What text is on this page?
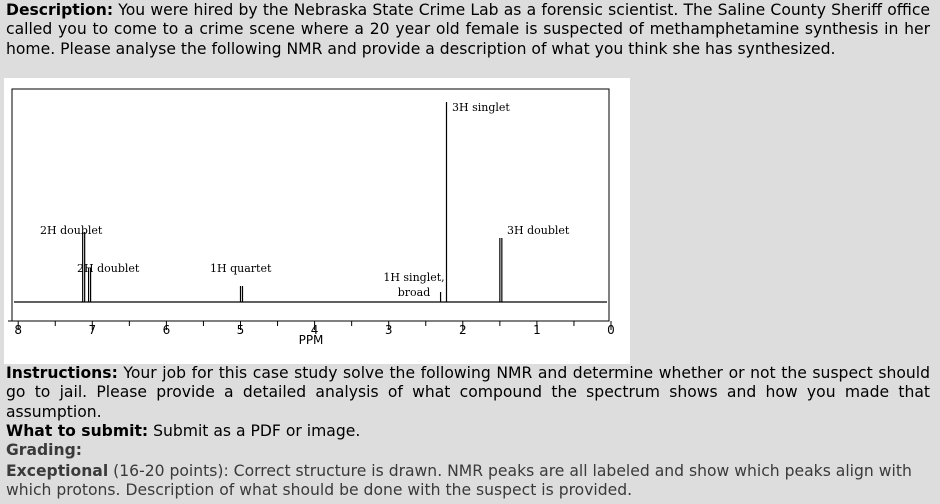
Description: You were hired by the Nebraska State Crime Lab as a forensic scientist. The Saline County Sheriff office called you to come to a crime scene where a 20 year old female is suspected of methamphetamine synthesis in her home. Please analyse the following NMR and provide a description of what you think she has synthesized.

8	7	6	5	4	3	2	1	0
PPM
3H singlet
2H doublet	3H doublet
2H doublet	1H quartet
1H singlet,
broad

Instructions: Your job for this case study solve the following NMR and determine whether or not the suspect should go to jail. Please provide a detailed analysis of what compound the spectrum shows and how you made that assumption.

What to submit: Submit as a PDF or image.

Grading:

Exceptional (16-20 points): Correct structure is drawn. NMR peaks are all labeled and show which peaks align with which protons. Description of what should be done with the suspect is provided.
